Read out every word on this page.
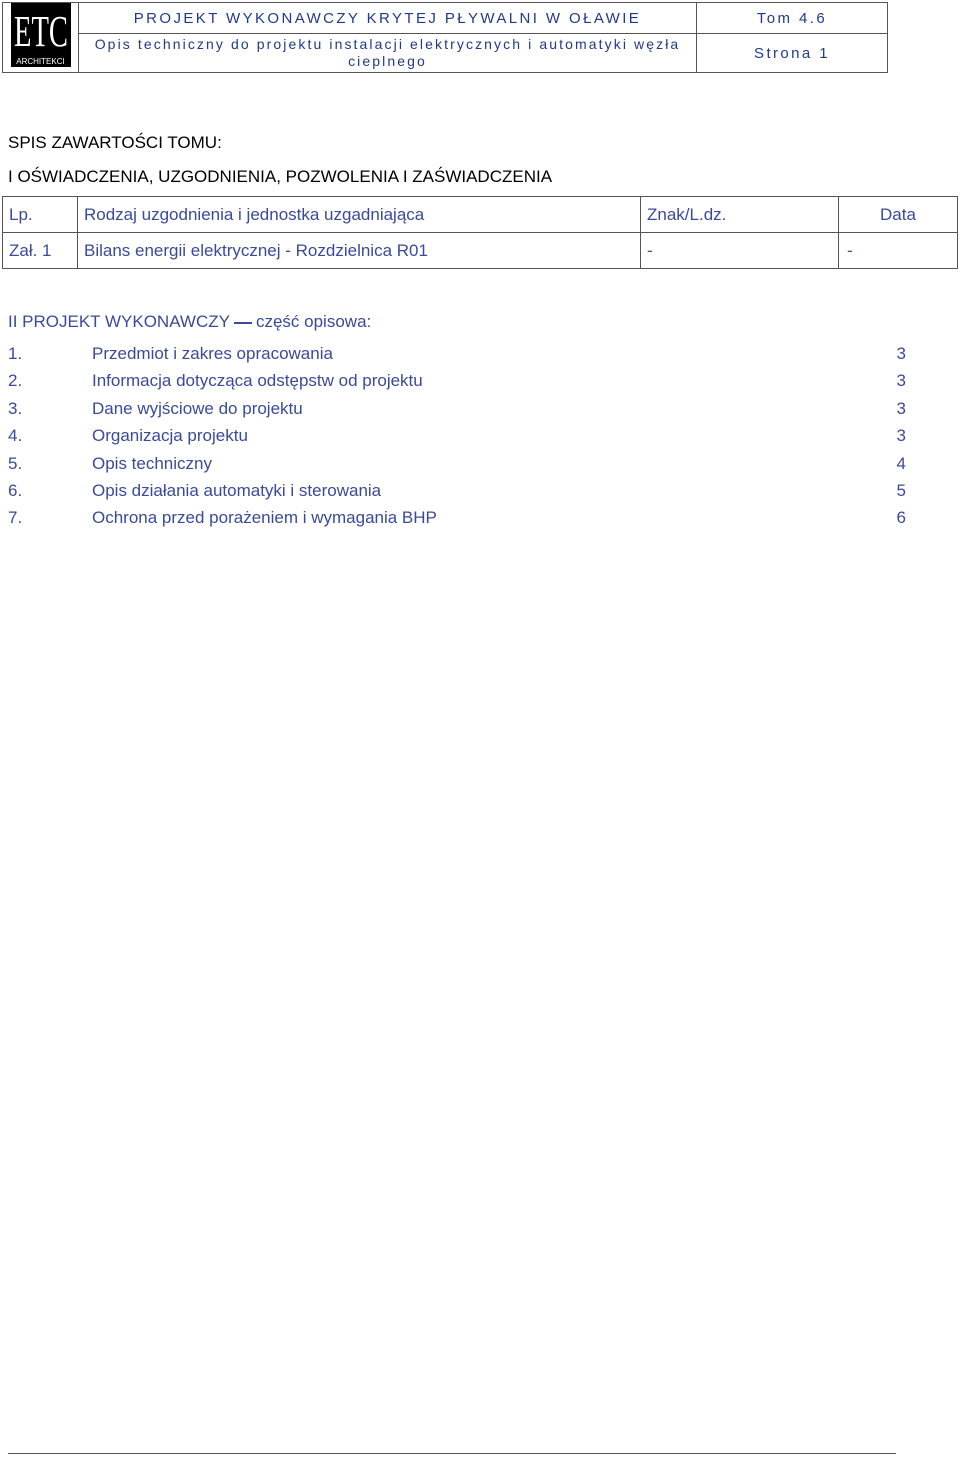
ETC
ARCHITEKCI	PROJEKT WYKONAWCZY KRYTEJ PŁYWALNI W OŁAWIE	Tom 4.6
	Opis techniczny do projektu instalacji elektrycznych i automatyki węzła cieplnego	Strona 1
SPIS ZAWARTOŚCI TOMU:
I OŚWIADCZENIA, UZGODNIENIA, POZWOLENIA I ZAŚWIADCZENIA
Lp.	Rodzaj uzgodnienia i jednostka uzgadniająca	Znak/L.dz.	Data
Zał. 1	Bilans energii elektrycznej - Rozdzielnica R01	-	-
II PROJEKT WYKONAWCZY część opisowa:
1.	Przedmiot i zakres opracowania	3
2.	Informacja dotycząca odstępstw od projektu	3
3.	Dane wyjściowe do projektu	3
4.	Organizacja projektu	3
5.	Opis techniczny	4
6.	Opis działania automatyki i sterowania	5
7.	Ochrona przed porażeniem i wymagania BHP	6
